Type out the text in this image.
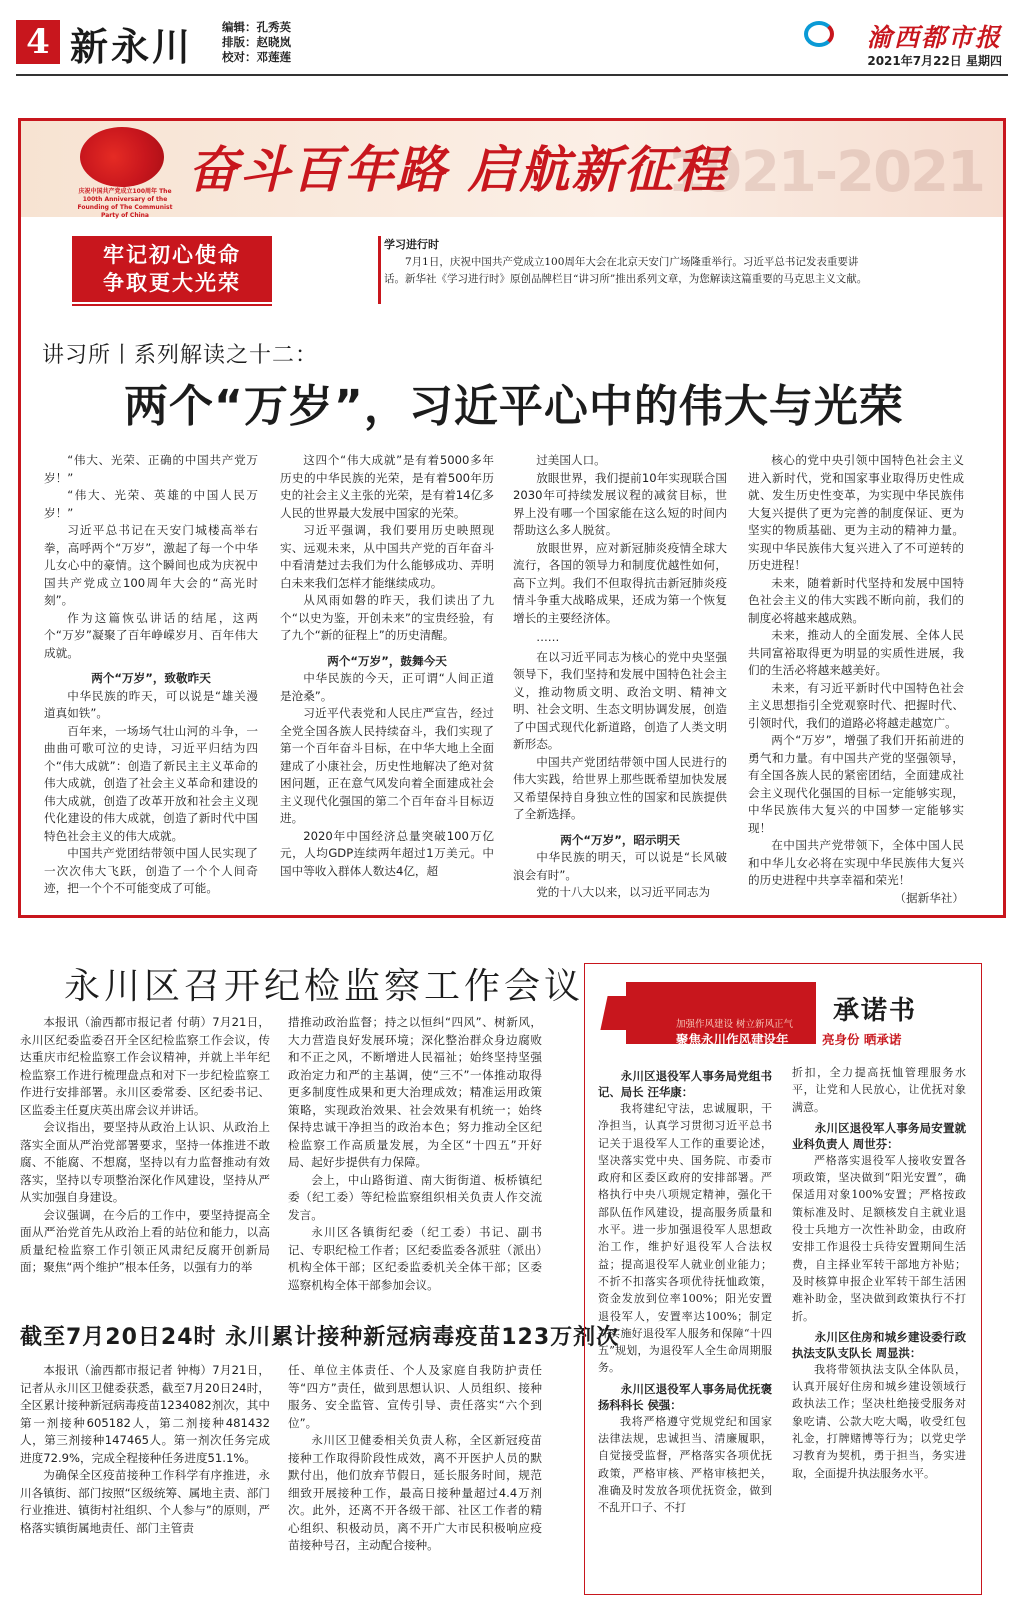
4 新永川	编辑：孔秀英
排版：赵晓岚
校对：邓莲莲
渝西都市报
2021年7月22日 星期四
1921-2021
庆祝中国共产党成立100周年 The 100th Anniversary of the Founding of The Communist Party of China
奋斗百年路 启航新征程
牢记初心使命
争取更大光荣
学习进行时
7月1日，庆祝中国共产党成立100周年大会在北京天安门广场隆重举行。习近平总书记发表重要讲话。新华社《学习进行时》原创品牌栏目“讲习所”推出系列文章，为您解读这篇重要的马克思主义文献。
讲习所丨系列解读之十二：
两个“万岁”，习近平心中的伟大与光荣

“伟大、光荣、正确的中国共产党万岁！”

“伟大、光荣、英雄的中国人民万岁！”

习近平总书记在天安门城楼高举右拳，高呼两个“万岁”，激起了每一个中华儿女心中的豪情。这个瞬间也成为庆祝中国共产党成立100周年大会的“高光时刻”。

作为这篇恢弘讲话的结尾，这两个“万岁”凝聚了百年峥嵘岁月、百年伟大成就。

两个“万岁”，致敬昨天

中华民族的昨天，可以说是“雄关漫道真如铁”。

百年来，一场场气壮山河的斗争，一曲曲可歌可泣的史诗，习近平归结为四个“伟大成就”：创造了新民主主义革命的伟大成就，创造了社会主义革命和建设的伟大成就，创造了改革开放和社会主义现代化建设的伟大成就，创造了新时代中国特色社会主义的伟大成就。

中国共产党团结带领中国人民实现了一次次伟大飞跃，创造了一个个人间奇迹，把一个个不可能变成了可能。

这四个“伟大成就”是有着5000多年历史的中华民族的光荣，是有着500年历史的社会主义主张的光荣，是有着14亿多人民的世界最大发展中国家的光荣。

习近平强调，我们要用历史映照现实、远观未来，从中国共产党的百年奋斗中看清楚过去我们为什么能够成功、弄明白未来我们怎样才能继续成功。

从风雨如磐的昨天，我们读出了九个“以史为鉴，开创未来”的宝贵经验，有了九个“新的征程上”的历史清醒。

两个“万岁”，鼓舞今天

中华民族的今天，正可谓“人间正道是沧桑”。

习近平代表党和人民庄严宣告，经过全党全国各族人民持续奋斗，我们实现了第一个百年奋斗目标，在中华大地上全面建成了小康社会，历史性地解决了绝对贫困问题，正在意气风发向着全面建成社会主义现代化强国的第二个百年奋斗目标迈进。

2020年中国经济总量突破100万亿元，人均GDP连续两年超过1万美元。中国中等收入群体人数达4亿，超

过美国人口。

放眼世界，我们提前10年实现联合国2030年可持续发展议程的减贫目标，世界上没有哪一个国家能在这么短的时间内帮助这么多人脱贫。

放眼世界，应对新冠肺炎疫情全球大流行，各国的领导力和制度优越性如何，高下立判。我们不但取得抗击新冠肺炎疫情斗争重大战略成果，还成为第一个恢复增长的主要经济体。

……

在以习近平同志为核心的党中央坚强领导下，我们坚持和发展中国特色社会主义，推动物质文明、政治文明、精神文明、社会文明、生态文明协调发展，创造了中国式现代化新道路，创造了人类文明新形态。

中国共产党团结带领中国人民进行的伟大实践，给世界上那些既希望加快发展又希望保持自身独立性的国家和民族提供了全新选择。

两个“万岁”，昭示明天

中华民族的明天，可以说是“长风破浪会有时”。

党的十八大以来，以习近平同志为

核心的党中央引领中国特色社会主义进入新时代，党和国家事业取得历史性成就、发生历史性变革，为实现中华民族伟大复兴提供了更为完善的制度保证、更为坚实的物质基础、更为主动的精神力量。实现中华民族伟大复兴进入了不可逆转的历史进程！

未来，随着新时代坚持和发展中国特色社会主义的伟大实践不断向前，我们的制度必将越来越成熟。

未来，推动人的全面发展、全体人民共同富裕取得更为明显的实质性进展，我们的生活必将越来越美好。

未来，有习近平新时代中国特色社会主义思想指引全党观察时代、把握时代、引领时代，我们的道路必将越走越宽广。

两个“万岁”，增强了我们开拓前进的勇气和力量。有中国共产党的坚强领导，有全国各族人民的紧密团结，全面建成社会主义现代化强国的目标一定能够实现，中华民族伟大复兴的中国梦一定能够实现！

在中国共产党带领下，全体中国人民和中华儿女必将在实现中华民族伟大复兴的历史进程中共享幸福和荣光！

（据新华社）

永川区召开纪检监察工作会议

本报讯（渝西都市报记者 付萌）7月21日，永川区纪委监委召开全区纪检监察工作会议，传达重庆市纪检监察工作会议精神，并就上半年纪检监察工作进行梳理盘点和对下一步纪检监察工作进行安排部署。永川区委常委、区纪委书记、区监委主任夏庆英出席会议并讲话。

会议指出，要坚持从政治上认识、从政治上落实全面从严治党部署要求，坚持一体推进不敢腐、不能腐、不想腐，坚持以有力监督推动有效落实，坚持以专项整治深化作风建设，坚持从严从实加强自身建设。

会议强调，在今后的工作中，要坚持提高全面从严治党首先从政治上看的站位和能力，以高质量纪检监察工作引领正风肃纪反腐开创新局面；聚焦“两个维护”根本任务，以强有力的举

措推动政治监督；持之以恒纠“四风”、树新风，大力营造良好发展环境；深化整治群众身边腐败和不正之风，不断增进人民福祉；始终坚持坚强政治定力和严的主基调，使“三不”一体推动取得更多制度性成果和更大治理成效；精准运用政策策略，实现政治效果、社会效果有机统一；始终保持忠诚干净担当的政治本色；努力推动全区纪检监察工作高质量发展，为全区“十四五”开好局、起好步提供有力保障。

会上，中山路街道、南大街街道、板桥镇纪委（纪工委）等纪检监察组织相关负责人作交流发言。

永川区各镇街纪委（纪工委）书记、副书记、专职纪检工作者；区纪委监委各派驻（派出）机构全体干部；区纪委监委机关全体干部；区委巡察机构全体干部参加会议。

截至7月20日24时 永川累计接种新冠病毒疫苗123万剂次

本报讯（渝西都市报记者 钟梅）7月21日，记者从永川区卫健委获悉，截至7月20日24时，全区累计接种新冠病毒疫苗1234082剂次，其中第一剂接种605182人，第二剂接种481432人，第三剂接种147465人。第一剂次任务完成进度72.9%，完成全程接种任务进度51.1%。

为确保全区疫苗接种工作科学有序推进，永川各镇街、部门按照“区级统筹、属地主责、部门行业推进、镇街村社组织、个人参与”的原则，严格落实镇街属地责任、部门主管责

任、单位主体责任、个人及家庭自我防护责任等“四方”责任，做到思想认识、人员组织、接种服务、安全监管、宣传引导、责任落实“六个到位”。

永川区卫健委相关负责人称，全区新冠疫苗接种工作取得阶段性成效，离不开医护人员的默默付出，他们放弃节假日，延长服务时间，规范细致开展接种工作，最高日接种量超过4.4万剂次。此外，还离不开各级干部、社区工作者的精心组织、积极动员，离不开广大市民积极响应疫苗接种号召，主动配合接种。

加强作风建设 树立新风正气
聚焦永川作风建设年
承诺书
亮身份 晒承诺

永川区退役军人事务局党组书记、局长 汪华康：

我将建纪守法，忠诚履职，干净担当，认真学习贯彻习近平总书记关于退役军人工作的重要论述，坚决落实党中央、国务院、市委市政府和区委区政府的安排部署。严格执行中央八项规定精神，强化干部队伍作风建设，提高服务质量和水平。进一步加强退役军人思想政治工作，维护好退役军人合法权益；提高退役军人就业创业能力；不折不扣落实各项优待抚恤政策，资金发放到位率100%；阳光安置退役军人，安置率达100%；制定并实施好退役军人服务和保障“十四五”规划，为退役军人全生命周期服务。

永川区退役军人事务局优抚褒扬科科长 侯强：

我将严格遵守党规党纪和国家法律法规，忠诚担当、清廉履职，自觉接受监督，严格落实各项优抚政策，严格审核、严格审核把关，准确及时发放各项优抚资金，做到不乱开口子、不打

折扣，全力提高抚恤管理服务水平，让党和人民放心，让优抚对象满意。

永川区退役军人事务局安置就业科负责人 周世芬：

严格落实退役军人接收安置各项政策，坚决做到“阳光安置”，确保适用对象100%安置；严格按政策标准及时、足额核发自主就业退役士兵地方一次性补助金，由政府安排工作退役士兵待安置期间生活费，自主择业军转干部地方补贴；及时核算申报企业军转干部生活困难补助金，坚决做到政策执行不打折。

永川区住房和城乡建设委行政执法支队支队长 周显洪：

我将带领执法支队全体队员，认真开展好住房和城乡建设领域行政执法工作；坚决杜绝接受服务对象吃请、公款大吃大喝，收受红包礼金，打牌赌博等行为；以党史学习教育为契机，勇于担当，务实进取，全面提升执法服务水平。
